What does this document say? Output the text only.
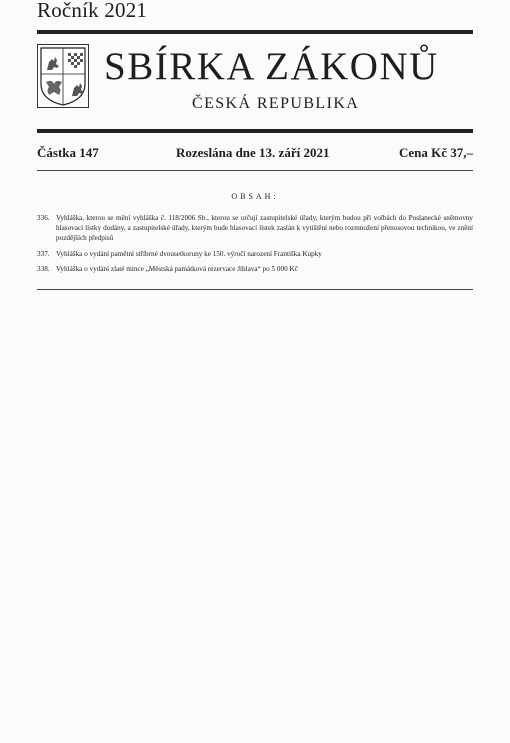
Ročník 2021
SBÍRKA ZÁKONŮ
ČESKÁ REPUBLIKA
Částka 147	Rozeslána dne 13. září 2021	Cena Kč 37,–
OBSAH:
336. Vyhláška, kterou se mění vyhláška č. 118/2006 Sb., kterou se určují zastupitelské úřady, kterým budou při volbách do Poslanecké sněmovny hlasovací lístky dodány, a zastupitelské úřady, kterým bude hlasovací lístek zaslán k vytištění nebo rozmnožení přenosovou technikou, ve znění pozdějších předpisů
337. Vyhláška o vydání pamětní stříbrné dvousetkoruny ke 150. výročí narození Františka Kupky
338. Vyhláška o vydání zlaté mince „Městská památková rezervace Jihlava“ po 5 000 Kč
